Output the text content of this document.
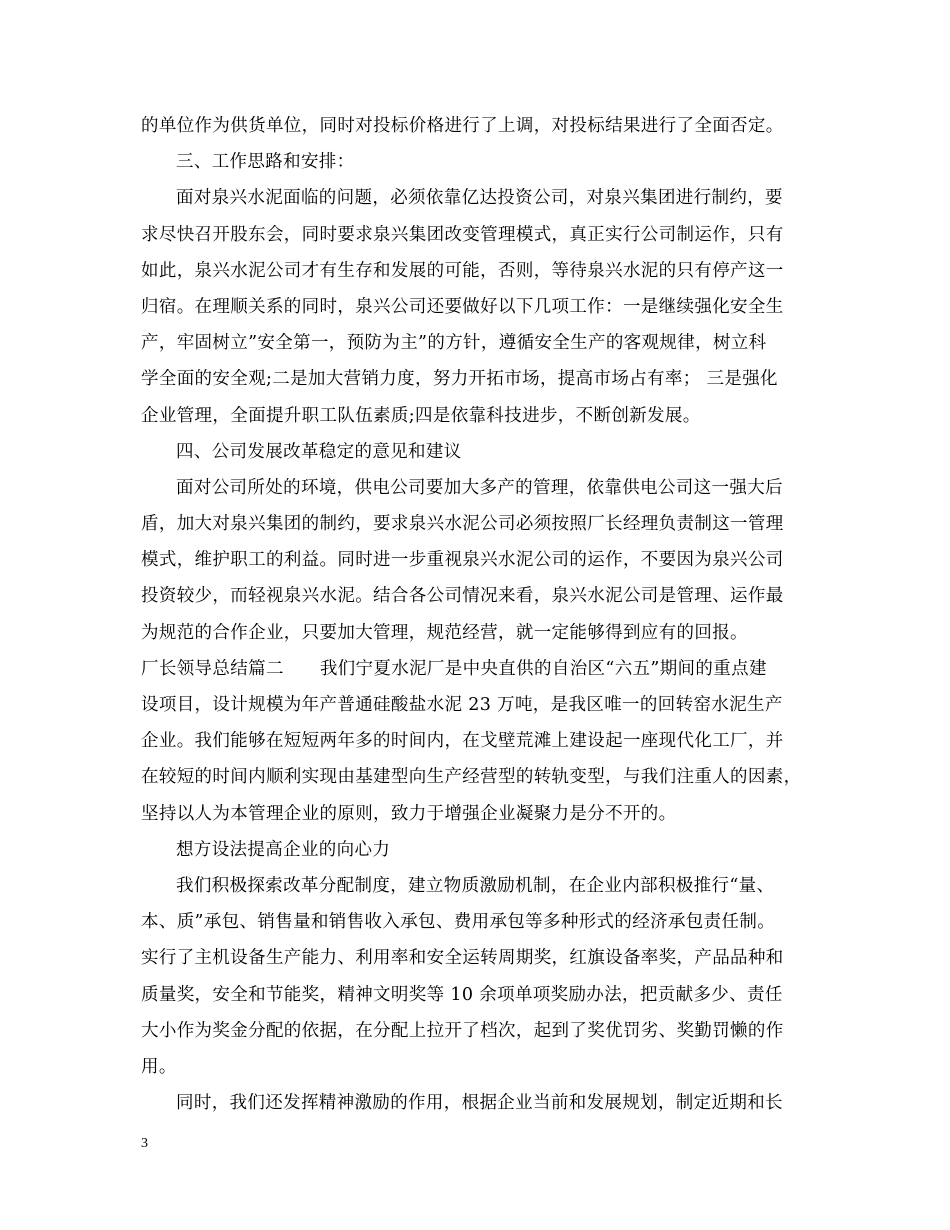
的单位作为供货单位，同时对投标价格进行了上调，对投标结果进行了全面否定。
三、工作思路和安排：
面对泉兴水泥面临的问题，必须依靠亿达投资公司，对泉兴集团进行制约，要
求尽快召开股东会，同时要求泉兴集团改变管理模式，真正实行公司制运作，只有
如此，泉兴水泥公司才有生存和发展的可能，否则，等待泉兴水泥的只有停产这一
归宿。在理顺关系的同时，泉兴公司还要做好以下几项工作：一是继续强化安全生
产，牢固树立”安全第一，预防为主”的方针，遵循安全生产的客观规律，树立科
学全面的安全观;二是加大营销力度，努力开拓市场，提高市场占有率； 三是强化
企业管理，全面提升职工队伍素质;四是依靠科技进步，不断创新发展。
四、公司发展改革稳定的意见和建议
面对公司所处的环境，供电公司要加大多产的管理，依靠供电公司这一强大后
盾，加大对泉兴集团的制约，要求泉兴水泥公司必须按照厂长经理负责制这一管理
模式，维护职工的利益。同时进一步重视泉兴水泥公司的运作，不要因为泉兴公司
投资较少，而轻视泉兴水泥。结合各公司情况来看，泉兴水泥公司是管理、运作最
为规范的合作企业，只要加大管理，规范经营，就一定能够得到应有的回报。
厂长领导总结篇二 我们宁夏水泥厂是中央直供的自治区“六五”期间的重点建
设项目，设计规模为年产普通硅酸盐水泥 23 万吨，是我区唯一的回转窑水泥生产
企业。我们能够在短短两年多的时间内，在戈壁荒滩上建设起一座现代化工厂，并
在较短的时间内顺利实现由基建型向生产经营型的转轨变型，与我们注重人的因素，
坚持以人为本管理企业的原则，致力于增强企业凝聚力是分不开的。
想方设法提高企业的向心力
我们积极探索改革分配制度，建立物质激励机制，在企业内部积极推行“量、
本、质”承包、销售量和销售收入承包、费用承包等多种形式的经济承包责任制。
实行了主机设备生产能力、利用率和安全运转周期奖，红旗设备率奖，产品品种和
质量奖，安全和节能奖，精神文明奖等 10 余项单项奖励办法，把贡献多少、责任
大小作为奖金分配的依据，在分配上拉开了档次，起到了奖优罚劣、奖勤罚懒的作
用。
同时，我们还发挥精神激励的作用，根据企业当前和发展规划，制定近期和长
3
